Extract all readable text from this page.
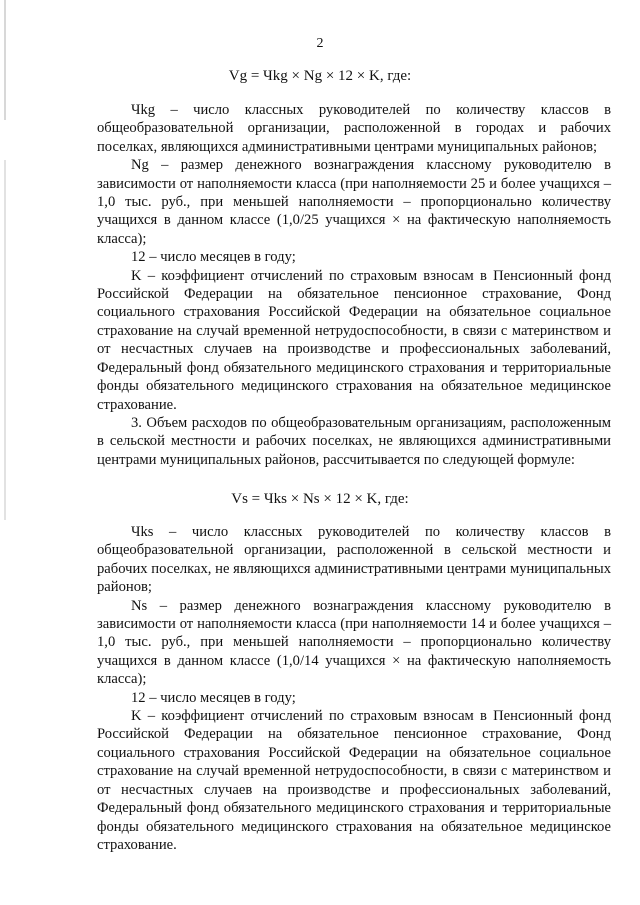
2
Vg = Чkg × Ng × 12 × K, где:

Чkg – число классных руководителей по количеству классов в общеобразовательной организации, расположенной в городах и рабочих поселках, являющихся административными центрами муниципальных районов;

Ng – размер денежного вознаграждения классному руководителю в зависимости от наполняемости класса (при наполняемости 25 и более учащихся – 1,0 тыс. руб., при меньшей наполняемости – пропорционально количеству учащихся в данном классе (1,0/25 учащихся × на фактическую наполняемость класса);

12 – число месяцев в году;

K – коэффициент отчислений по страховым взносам в Пенсионный фонд Российской Федерации на обязательное пенсионное страхование, Фонд социального страхования Российской Федерации на обязательное социальное страхование на случай временной нетрудоспособности, в связи с материнством и от несчастных случаев на производстве и профессиональных заболеваний, Федеральный фонд обязательного медицинского страхования и территориальные фонды обязательного медицинского страхования на обязательное медицинское страхование.

3. Объем расходов по общеобразовательным организациям, расположенным в сельской местности и рабочих поселках, не являющихся административными центрами муниципальных районов, рассчитывается по следующей формуле:

Vs = Чks × Ns × 12 × K, где:

Чks – число классных руководителей по количеству классов в общеобразовательной организации, расположенной в сельской местности и рабочих поселках, не являющихся административными центрами муниципальных районов;

Ns – размер денежного вознаграждения классному руководителю в зависимости от наполняемости класса (при наполняемости 14 и более учащихся – 1,0 тыс. руб., при меньшей наполняемости – пропорционально количеству учащихся в данном классе (1,0/14 учащихся × на фактическую наполняемость класса);

12 – число месяцев в году;

K – коэффициент отчислений по страховым взносам в Пенсионный фонд Российской Федерации на обязательное пенсионное страхование, Фонд социального страхования Российской Федерации на обязательное социальное страхование на случай временной нетрудоспособности, в связи с материнством и от несчастных случаев на производстве и профессиональных заболеваний, Федеральный фонд обязательного медицинского страхования и территориальные фонды обязательного медицинского страхования на обязательное медицинское страхование.
